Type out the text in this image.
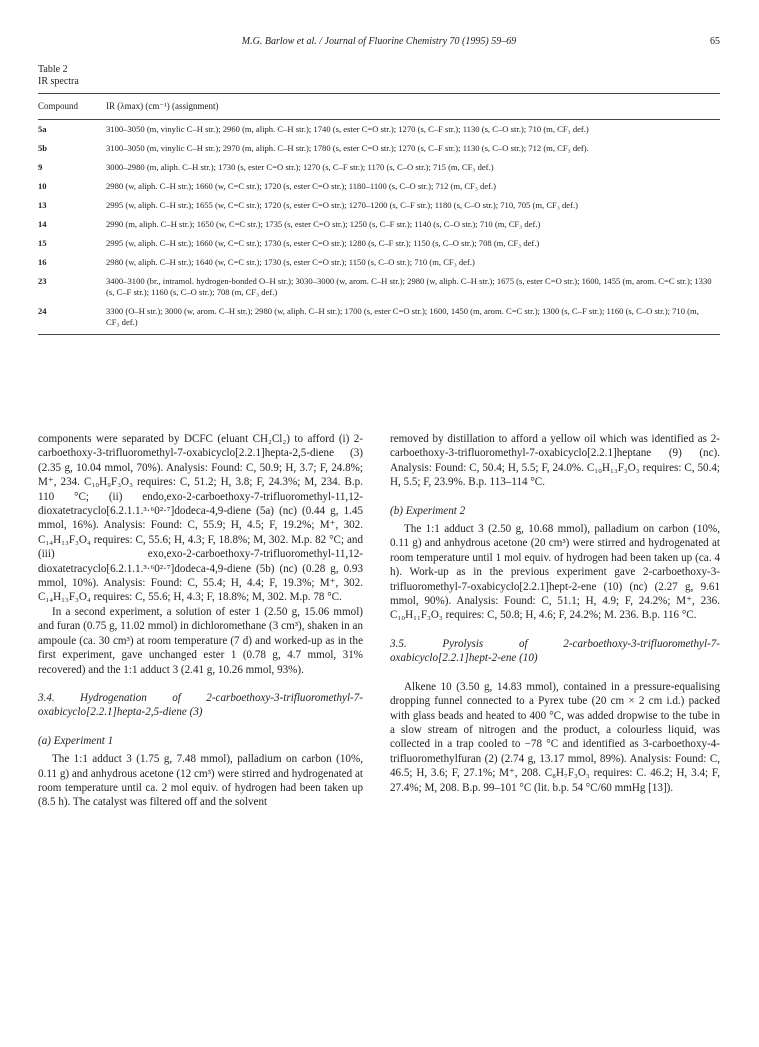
M.G. Barlow et al. / Journal of Fluorine Chemistry 70 (1995) 59–69	65
Table 2
IR spectra
Compound	IR (λmax) (cm⁻¹) (assignment)
5a	3100–3050 (m, vinylic C–H str.); 2960 (m, aliph. C–H str.); 1740 (s, ester C=O str.); 1270 (s, C–F str.); 1130 (s, C–O str.); 710 (m, CF₃ def.)
5b	3100–3050 (m, vinylic C–H str.); 2970 (m, aliph. C–H str.); 1780 (s, ester C=O str.); 1270 (s, C–F str.); 1130 (s, C–O str.); 712 (m, CF₃ def).
9	3000–2980 (m, aliph. C–H str.); 1730 (s, ester C=O str.); 1270 (s, C–F str.); 1170 (s, C–O str.); 715 (m, CF₃ def.)
10	2980 (w, aliph. C–H str.); 1660 (w, C=C str.); 1720 (s, ester C=O str.); 1180–1100 (s, C–O str.); 712 (m, CF₃ def.)
13	2995 (w, aliph. C–H str.); 1655 (w, C=C str.); 1720 (s, ester C=O str.); 1270–1200 (s, C–F str.); 1180 (s, C–O str.); 710, 705 (m, CF₃ def.)
14	2990 (m, aliph. C–H str.); 1650 (w, C=C str.); 1735 (s, ester C=O str.); 1250 (s, C–F str.); 1140 (s, C–O str.); 710 (m, CF₃ def.)
15	2995 (w, aliph. C–H str.); 1660 (w, C=C str.); 1730 (s, ester C=O str.); 1280 (s, C–F str.); 1150 (s, C–O str.); 708 (m, CF₃ def.)
16	2980 (w, aliph. C–H str.); 1640 (w, C=C str.); 1730 (s, ester C=O str.); 1150 (s, C–O str.); 710 (m, CF₃ def.)
23	3400–3100 (br., intramol. hydrogen-bonded O–H str.); 3030–3000 (w, arom. C–H str.); 2980 (w, aliph. C–H str.); 1675 (s, ester C=O str.); 1600, 1455 (m, arom. C=C str.); 1330 (s, C–F str.); 1160 (s, C–O str.); 708 (m, CF₃ def.)
24	3300 (O–H str.); 3000 (w, arom. C–H str.); 2980 (w, aliph. C–H str.); 1700 (s, ester C=O str.); 1600, 1450 (m, arom. C=C str.); 1300 (s, C–F str.); 1160 (s, C–O str.); 710 (m, CF₃ def.)

components were separated by DCFC (eluant CH₂Cl₂) to afford (i) 2-carboethoxy-3-trifluoromethyl-7-oxabicyclo[2.2.1]hepta-2,5-diene (3) (2.35 g, 10.04 mmol, 70%). Analysis: Found: C, 50.9; H, 3.7; F, 24.8%; M⁺, 234. C₁₀H₉F₃O₃ requires: C, 51.2; H, 3.8; F, 24.3%; M, 234. B.p. 110 °C; (ii) endo,exo-2-carboethoxy-7-trifluoromethyl-11,12-dioxatetracyclo[6.2.1.1.³·⁶0²·⁷]dodeca-4,9-diene (5a) (nc) (0.44 g, 1.45 mmol, 16%). Analysis: Found: C, 55.9; H, 4.5; F, 19.2%; M⁺, 302. C₁₄H₁₃F₃O₄ requires: C, 55.6; H, 4.3; F, 18.8%; M, 302. M.p. 82 °C; and (iii) exo,exo-2-carboethoxy-7-trifluoromethyl-11,12-dioxatetracyclo[6.2.1.1.³·⁶0²·⁷]dodeca-4,9-diene (5b) (nc) (0.28 g, 0.93 mmol, 10%). Analysis: Found: C, 55.4; H, 4.4; F, 19.3%; M⁺, 302. C₁₄H₁₃F₃O₄ requires: C, 55.6; H, 4.3; F, 18.8%; M, 302. M.p. 78 °C.

In a second experiment, a solution of ester 1 (2.50 g, 15.06 mmol) and furan (0.75 g, 11.02 mmol) in dichloromethane (3 cm³), shaken in an ampoule (ca. 30 cm³) at room temperature (7 d) and worked-up as in the first experiment, gave unchanged ester 1 (0.78 g, 4.7 mmol, 31% recovered) and the 1:1 adduct 3 (2.41 g, 10.26 mmol, 93%).

3.4. Hydrogenation of 2-carboethoxy-3-trifluoromethyl-7-oxabicyclo[2.2.1]hepta-2,5-diene (3)

(a) Experiment 1

The 1:1 adduct 3 (1.75 g, 7.48 mmol), palladium on carbon (10%, 0.11 g) and anhydrous acetone (12 cm³) were stirred and hydrogenated at room temperature until ca. 2 mol equiv. of hydrogen had been taken up (8.5 h). The catalyst was filtered off and the solvent

removed by distillation to afford a yellow oil which was identified as 2-carboethoxy-3-trifluoromethyl-7-oxabicyclo[2.2.1]heptane (9) (nc). Analysis: Found: C, 50.4; H, 5.5; F, 24.0%. C₁₀H₁₃F₃O₃ requires: C, 50.4; H, 5.5; F, 23.9%. B.p. 113–114 °C.

(b) Experiment 2

The 1:1 adduct 3 (2.50 g, 10.68 mmol), palladium on carbon (10%, 0.11 g) and anhydrous acetone (20 cm³) were stirred and hydrogenated at room temperature until 1 mol equiv. of hydrogen had been taken up (ca. 4 h). Work-up as in the previous experiment gave 2-carboethoxy-3-trifluoromethyl-7-oxabicyclo[2.2.1]hept-2-ene (10) (nc) (2.27 g, 9.61 mmol, 90%). Analysis: Found: C, 51.1; H, 4.9; F, 24.2%; M⁺, 236. C₁₀H₁₁F₃O₃ requires: C, 50.8; H, 4.6; F, 24.2%; M. 236. B.p. 116 °C.

3.5. Pyrolysis of 2-carboethoxy-3-trifluoromethyl-7-oxabicyclo[2.2.1]hept-2-ene (10)

Alkene 10 (3.50 g, 14.83 mmol), contained in a pressure-equalising dropping funnel connected to a Pyrex tube (20 cm × 2 cm i.d.) packed with glass beads and heated to 400 °C, was added dropwise to the tube in a slow stream of nitrogen and the product, a colourless liquid, was collected in a trap cooled to −78 °C and identified as 3-carboethoxy-4-trifluoromethylfuran (2) (2.74 g, 13.17 mmol, 89%). Analysis: Found: C, 46.5; H, 3.6; F, 27.1%; M⁺, 208. C₈H₇F₃O₃ requires: C. 46.2; H, 3.4; F, 27.4%; M, 208. B.p. 99–101 °C (lit. b.p. 54 °C/60 mmHg [13]).
